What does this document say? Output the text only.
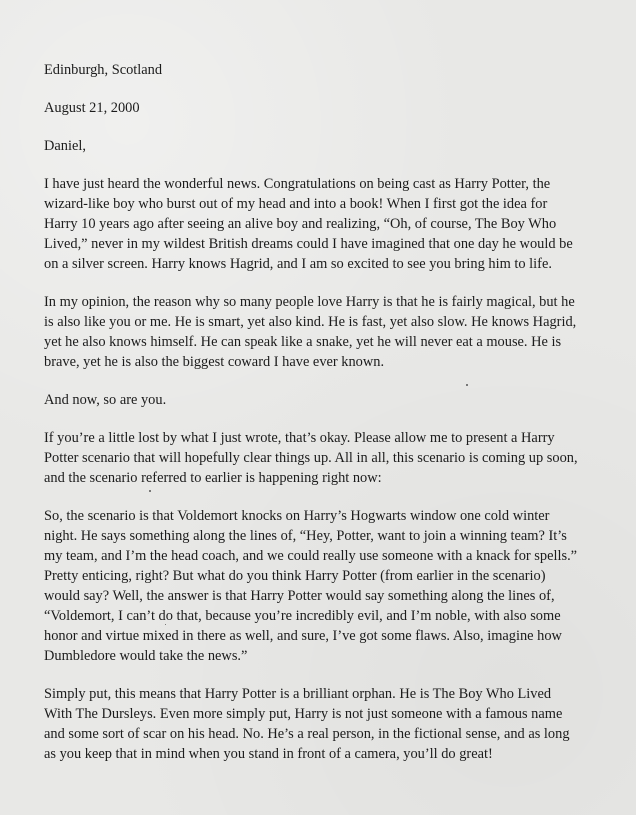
Edinburgh, Scotland
August 21, 2000
Daniel,
I have just heard the wonderful news. Congratulations on being cast as Harry Potter, the
wizard-like boy who burst out of my head and into a book! When I first got the idea for
Harry 10 years ago after seeing an alive boy and realizing, “Oh, of course, The Boy Who
Lived,” never in my wildest British dreams could I have imagined that one day he would be
on a silver screen. Harry knows Hagrid, and I am so excited to see you bring him to life.
In my opinion, the reason why so many people love Harry is that he is fairly magical, but he
is also like you or me. He is smart, yet also kind. He is fast, yet also slow. He knows Hagrid,
yet he also knows himself. He can speak like a snake, yet he will never eat a mouse. He is
brave, yet he is also the biggest coward I have ever known.
And now, so are you.
If you’re a little lost by what I just wrote, that’s okay. Please allow me to present a Harry
Potter scenario that will hopefully clear things up. All in all, this scenario is coming up soon,
and the scenario referred to earlier is happening right now:
So, the scenario is that Voldemort knocks on Harry’s Hogwarts window one cold winter
night. He says something along the lines of, “Hey, Potter, want to join a winning team? It’s
my team, and I’m the head coach, and we could really use someone with a knack for spells.”
Pretty enticing, right? But what do you think Harry Potter (from earlier in the scenario)
would say? Well, the answer is that Harry Potter would say something along the lines of,
“Voldemort, I can’t do that, because you’re incredibly evil, and I’m noble, with also some
honor and virtue mixed in there as well, and sure, I’ve got some flaws. Also, imagine how
Dumbledore would take the news.”
Simply put, this means that Harry Potter is a brilliant orphan. He is The Boy Who Lived
With The Dursleys. Even more simply put, Harry is not just someone with a famous name
and some sort of scar on his head. No. He’s a real person, in the fictional sense, and as long
as you keep that in mind when you stand in front of a camera, you’ll do great!
